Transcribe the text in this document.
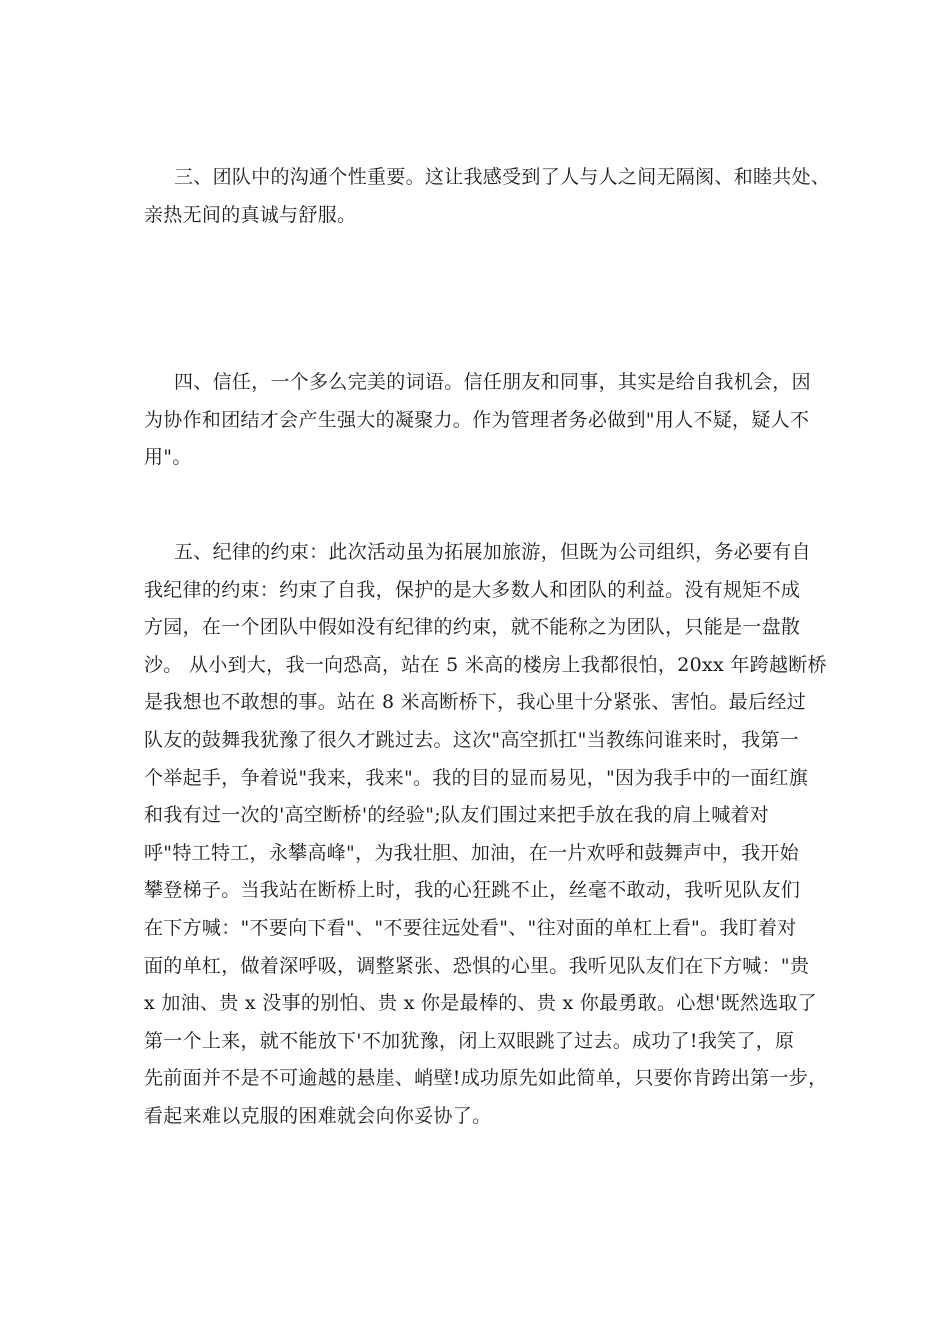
三、团队中的沟通个性重要。这让我感受到了人与人之间无隔阂、和睦共处、
亲热无间的真诚与舒服。
四、信任，一个多么完美的词语。信任朋友和同事，其实是给自我机会，因
为协作和团结才会产生强大的凝聚力。作为管理者务必做到"用人不疑，疑人不
用"。
五、纪律的约束：此次活动虽为拓展加旅游，但既为公司组织，务必要有自
我纪律的约束：约束了自我，保护的是大多数人和团队的利益。没有规矩不成
方园，在一个团队中假如没有纪律的约束，就不能称之为团队，只能是一盘散
沙。 从小到大，我一向恐高，站在 5 米高的楼房上我都很怕，20xx 年跨越断桥
是我想也不敢想的事。站在 8 米高断桥下，我心里十分紧张、害怕。最后经过
队友的鼓舞我犹豫了很久才跳过去。这次"高空抓扛"当教练问谁来时，我第一
个举起手，争着说"我来，我来"。我的目的显而易见，"因为我手中的一面红旗
和我有过一次的'高空断桥'的经验";队友们围过来把手放在我的肩上喊着对
呼"特工特工，永攀高峰"，为我壮胆、加油，在一片欢呼和鼓舞声中，我开始
攀登梯子。当我站在断桥上时，我的心狂跳不止，丝毫不敢动，我听见队友们
在下方喊："不要向下看"、"不要往远处看"、"往对面的单杠上看"。我盯着对
面的单杠，做着深呼吸，调整紧张、恐惧的心里。我听见队友们在下方喊："贵
x 加油、贵 x 没事的别怕、贵 x 你是最棒的、贵 x 你最勇敢。心想'既然选取了
第一个上来，就不能放下'不加犹豫，闭上双眼跳了过去。成功了!我笑了，原
先前面并不是不可逾越的悬崖、峭壁!成功原先如此简单，只要你肯跨出第一步，
看起来难以克服的困难就会向你妥协了。
